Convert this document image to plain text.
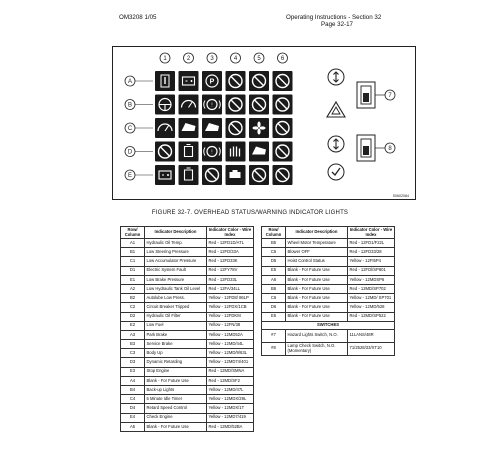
OM3208 1/05	Operating Instructions - Section 32
Page 32-17
1	2	3	4	5	6
A
B
C
D
E
P
!
!
7
8
S0602084
FIGURE 32-7. OVERHEAD STATUS/WARNING INDICATOR LIGHTS
Row/ Column	Indicator Description	Indicator Color - Wire Index
A1	Hydraulic Oil Temp.	Red - 12FD1D/ATL
B1	Low Steering Pressure	Red - 12FD/33A
C1	Low Accumulator Pressure	Red - 12FD33K
D1	Electric System Fault	Red - 12FY78V
E1	Low Brake Pressure	Red - 12FD33L
A2	Low Hydraulic Tank Oil Level	Red - 12FA/34LL
B2	Autolube Low Press.	Yellow - 12FD8/ 86LP
C2	Circuit Breaker Tripped	Yellow - 12FDX/1CB
D2	Hydraulic Oil Filter	Yellow - 12FDKM
E2	Low Fuel	Yellow - 12FN/38
A3	Park Brake	Yellow - 12MD52A
B3	Service Brake	Yellow - 12MD/44L
C3	Body Up	Yellow - 12MD/9/63L
D3	Dynamic Retarding	Yellow - 12MD74/401
E3	Stop Engine	Red - 12MD/SMNA
A4	Blank - For Future Use	Red - 12MD/SF2
B4	Back-up Lights	Yellow - 12MD/47L
C4	5 Minute Idle Timer	Yellow - 12MDX/29L
D4	Retard Speed Control	Yellow - 12MDX/1T
E4	Check Engine	Yellow - 12MD7/419
A5	Blank - For Future Use	Red - 12MD/52BA
Row/ Column	Indicator Description	Indicator Color - Wire Index
B5	Wheel Motor Temperature	Red - 12FD1/F22L
C5	Blower OFF	Red - 12FD33/28
D5	Hoist Control Status	Yellow - 12FI5P4
E5	Blank - For Future Use	Red - 12FDl/SP601
A6	Blank - For Future Use	Yellow - 12MDSP6
B6	Blank - For Future Use	Red - 12MD/SP702
C6	Blank - For Future Use	Yellow - 12MD/ SP701
D6	Blank - For Future Use	Yellow - 12MD/528
E6	Blank - For Future Use	Red - 12MD/SP522
SWITCHES		
#7	Hazard Lights Switch, N.O.	11LANS/48R
#8	Lamp Check Switch, N.O. (Momentary)	71/2528/33/XT10
